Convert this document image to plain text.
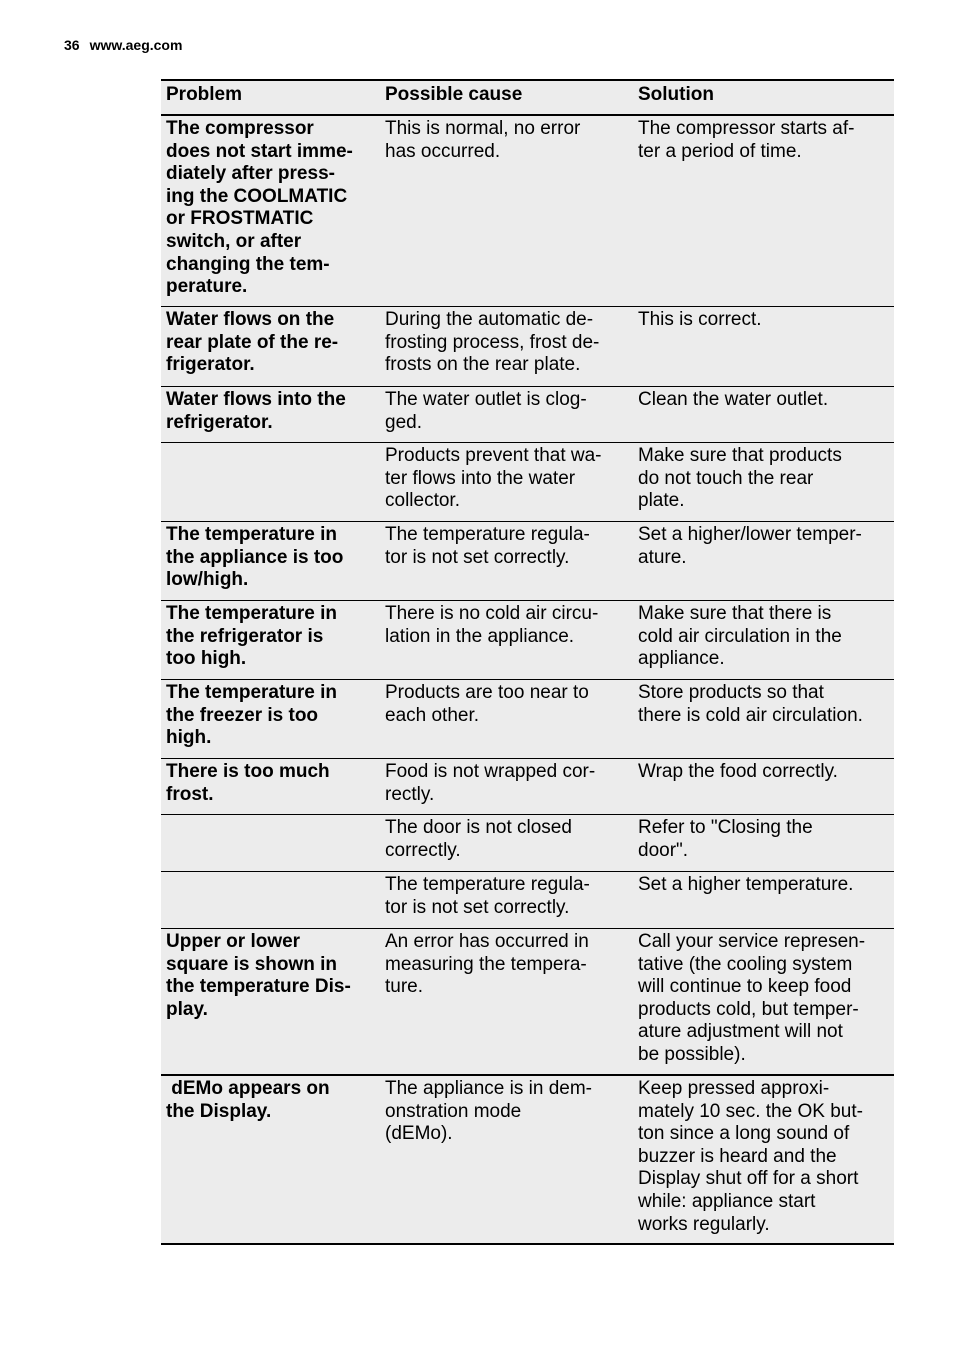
36 www.aeg.com
Problem	Possible cause	Solution
The compressor
does not start imme-
diately after press-
ing the COOLMATIC
or FROSTMATIC
switch, or after
changing the tem-
perature.
This is normal, no error
has occurred.
The compressor starts af-
ter a period of time.
Water flows on the
rear plate of the re-
frigerator.
During the automatic de-
frosting process, frost de-
frosts on the rear plate.
This is correct.
Water flows into the
refrigerator.
The water outlet is clog-
ged.
Clean the water outlet.
Products prevent that wa-
ter flows into the water
collector.
Make sure that products
do not touch the rear
plate.
The temperature in
the appliance is too
low/high.
The temperature regula-
tor is not set correctly.
Set a higher/lower temper-
ature.
The temperature in
the refrigerator is
too high.
There is no cold air circu-
lation in the appliance.
Make sure that there is
cold air circulation in the
appliance.
The temperature in
the freezer is too
high.
Products are too near to
each other.
Store products so that
there is cold air circulation.
There is too much
frost.
Food is not wrapped cor-
rectly.
Wrap the food correctly.
The door is not closed
correctly.
Refer to "Closing the
door".
The temperature regula-
tor is not set correctly.
Set a higher temperature.
Upper or lower
square is shown in
the temperature Dis-
play.
An error has occurred in
measuring the tempera-
ture.
Call your service represen-
tative (the cooling system
will continue to keep food
products cold, but temper-
ature adjustment will not
be possible).
dEMo appears on
the Display.
The appliance is in dem-
onstration mode
(dEMo).
Keep pressed approxi-
mately 10 sec. the OK but-
ton since a long sound of
buzzer is heard and the
Display shut off for a short
while: appliance start
works regularly.
